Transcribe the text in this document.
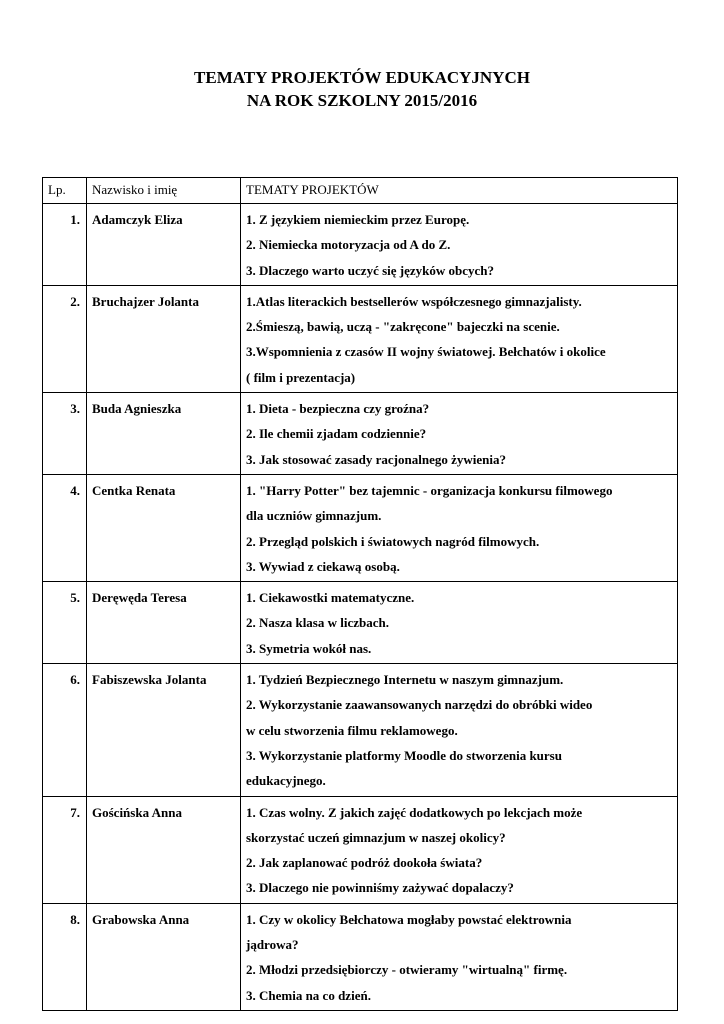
TEMATY PROJEKTÓW EDUKACYJNYCH
NA ROK SZKOLNY 2015/2016
Lp.	Nazwisko i imię	TEMATY PROJEKTÓW

1.	Adamczyk Eliza	1. Z językiem niemieckim przez Europę.
2. Niemiecka motoryzacja od A do Z.
3. Dlaczego warto uczyć się języków obcych?

2.	Bruchajzer Jolanta	1.Atlas literackich bestsellerów współczesnego gimnazjalisty.
2.Śmieszą, bawią, uczą - "zakręcone" bajeczki na scenie.
3.Wspomnienia z czasów II wojny światowej. Bełchatów i okolice
( film i prezentacja)

3.	Buda Agnieszka	1. Dieta - bezpieczna czy groźna?
2. Ile chemii zjadam codziennie?
3. Jak stosować zasady racjonalnego żywienia?

4.	Centka Renata	1. "Harry Potter" bez tajemnic - organizacja konkursu filmowego
dla uczniów gimnazjum.
2. Przegląd polskich i światowych nagród filmowych.
3. Wywiad z ciekawą osobą.

5.	Deręwęda Teresa	1. Ciekawostki matematyczne.
2. Nasza klasa w liczbach.
3. Symetria wokół nas.

6.	Fabiszewska Jolanta	1. Tydzień Bezpiecznego Internetu w naszym gimnazjum.
2. Wykorzystanie zaawansowanych narzędzi do obróbki wideo
w celu stworzenia filmu reklamowego.
3. Wykorzystanie platformy Moodle do stworzenia kursu
edukacyjnego.

7.	Gościńska Anna	1. Czas wolny. Z jakich zajęć dodatkowych po lekcjach może
skorzystać uczeń gimnazjum w naszej okolicy?
2. Jak zaplanować podróż dookoła świata?
3. Dlaczego nie powinniśmy zażywać dopalaczy?

8.	Grabowska Anna	1. Czy w okolicy Bełchatowa mogłaby powstać elektrownia
jądrowa?
2. Młodzi przedsiębiorczy - otwieramy "wirtualną" firmę.
3. Chemia na co dzień.
